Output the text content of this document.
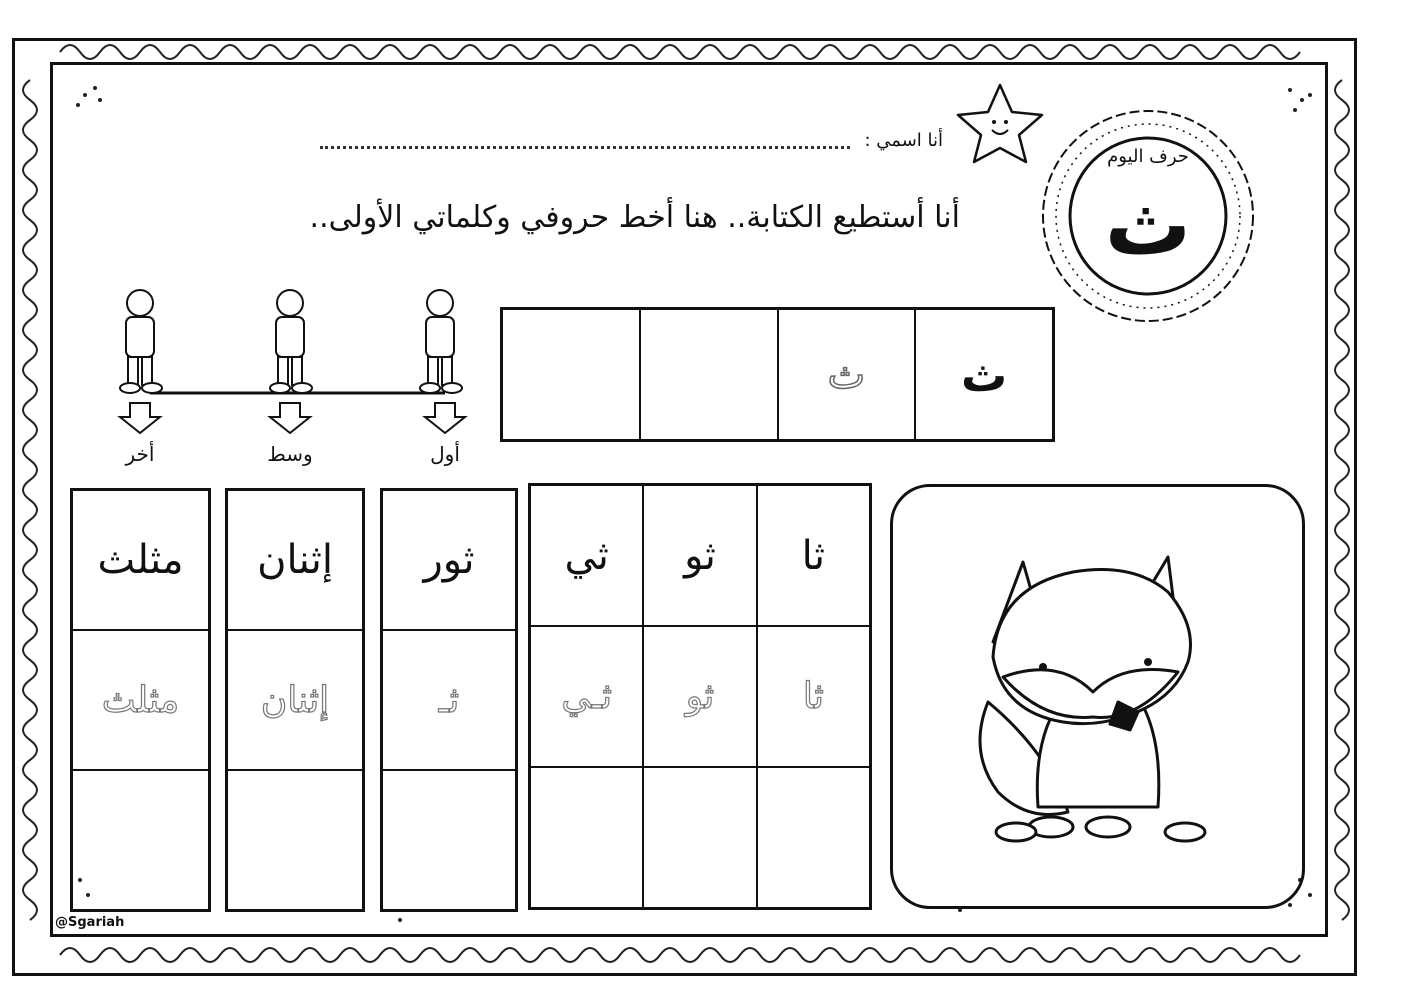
أنا اسمي :
أنا أستطيع الكتابة.. هنا أخط حروفي وكلماتي الأولى..
حرف اليوم
ث
ث
ث
أول
وسط
أخر
ثا
ثا
ثو
ثو
ثي
ثـي
ثور
ثـ
إثنان
إثنان
مثلث
مثلث
@Sgariah
